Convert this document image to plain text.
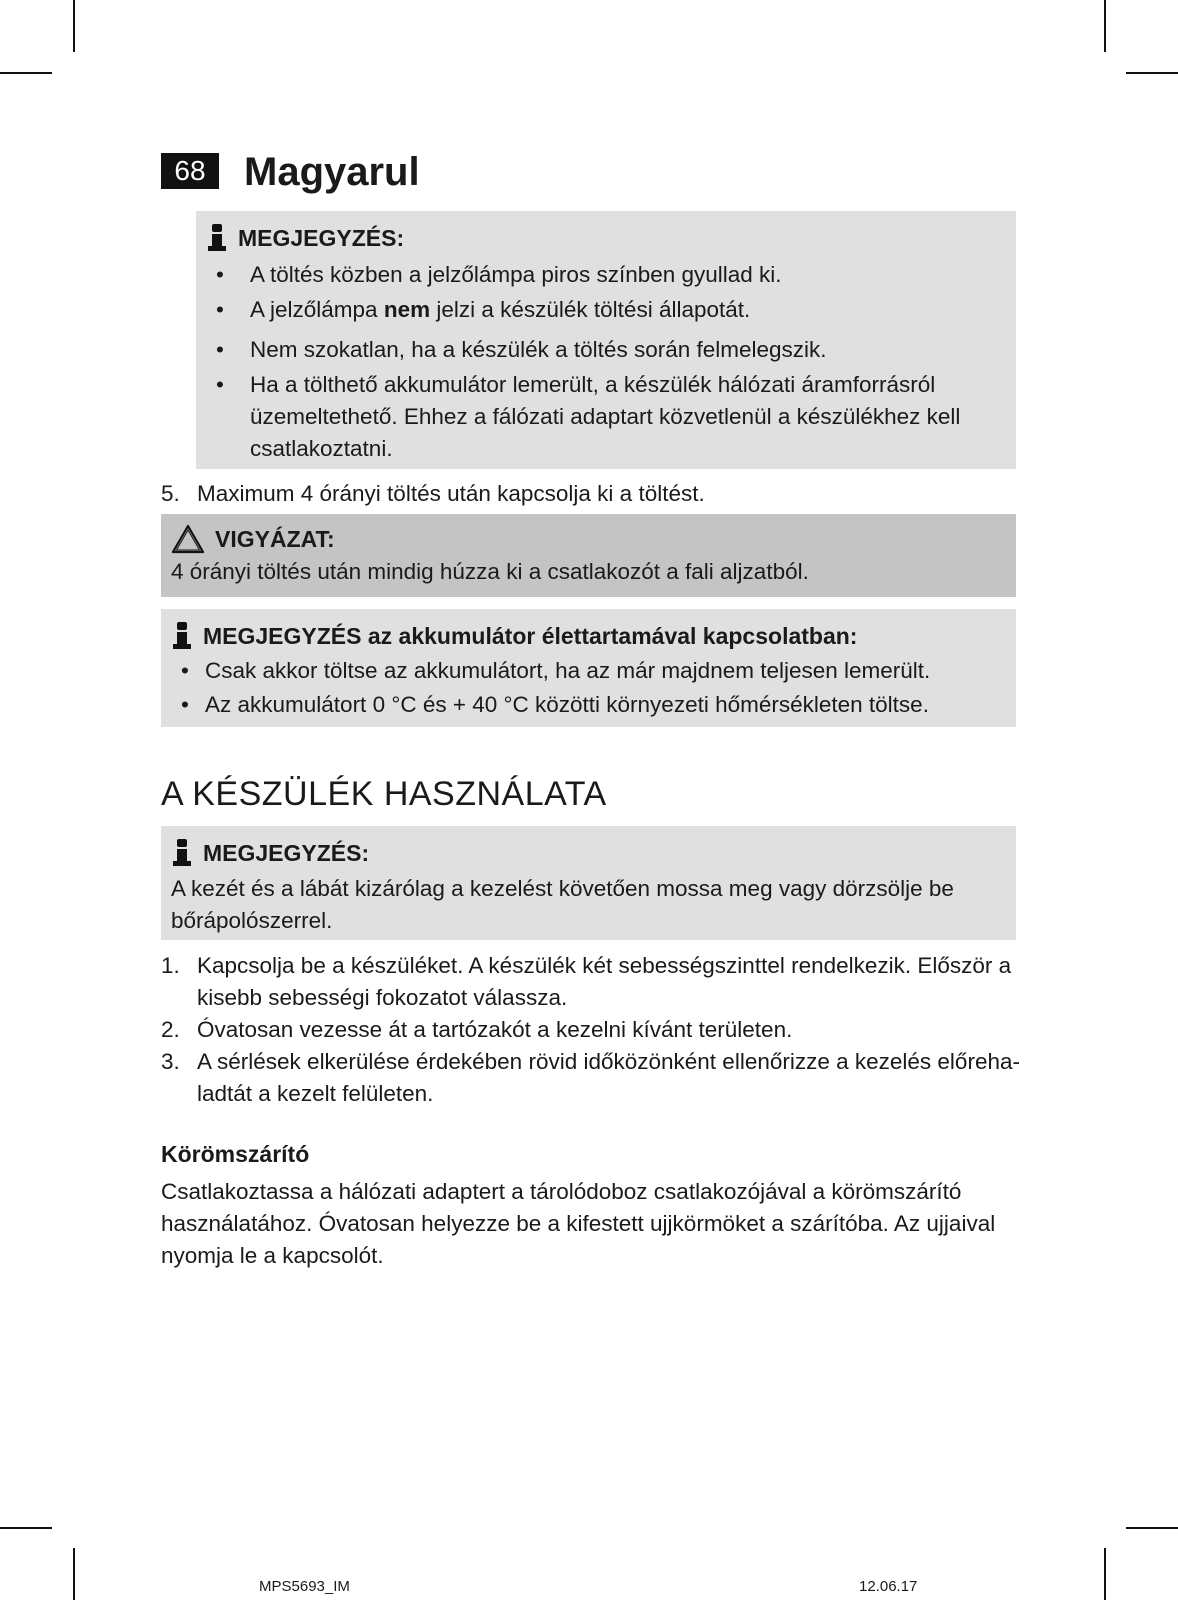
68 Magyarul
MEGJEGYZÉS:
• A töltés közben a jelzőlámpa piros színben gyullad ki.
• A jelzőlámpa nem jelzi a készülék töltési állapotát.
• Nem szokatlan, ha a készülék a töltés során felmelegszik.
• Ha a tölthető akkumulátor lemerült, a készülék hálózati áramforrásról üzemeltethető. Ehhez a fálózati adaptart közvetlenül a készülékhez kell csatlakoztatni.
5. Maximum 4 órányi töltés után kapcsolja ki a töltést.
VIGYÁZAT:
4 órányi töltés után mindig húzza ki a csatlakozót a fali aljzatból.
MEGJEGYZÉS az akkumulátor élettartamával kapcsolatban:
• Csak akkor töltse az akkumulátort, ha az már majdnem teljesen lemerült.
• Az akkumulátort 0 °C és + 40 °C közötti környezeti hőmérsékleten töltse.
A KÉSZÜLÉK HASZNÁLATA
MEGJEGYZÉS:
A kezét és a lábát kizárólag a kezelést követően mossa meg vagy dörzsölje be bőrápolószerrel.
1. Kapcsolja be a készüléket. A készülék két sebességszinttel rendelkezik. Először a kisebb sebességi fokozatot válassza.
2. Óvatosan vezesse át a tartózakót a kezelni kívánt területen.
3. A sérlések elkerülése érdekében rövid időközönként ellenőrizze a kezelés előreha-
ladtát a kezelt felületen.
Körömszárító

Csatlakoztassa a hálózati adaptert a tárolódoboz csatlakozójával a körömszárító használatához. Óvatosan helyezze be a kifestett ujjkörmöket a szárítóba. Az ujjaival nyomja le a kapcsolót.

MPS5693_IM	12.06.17
